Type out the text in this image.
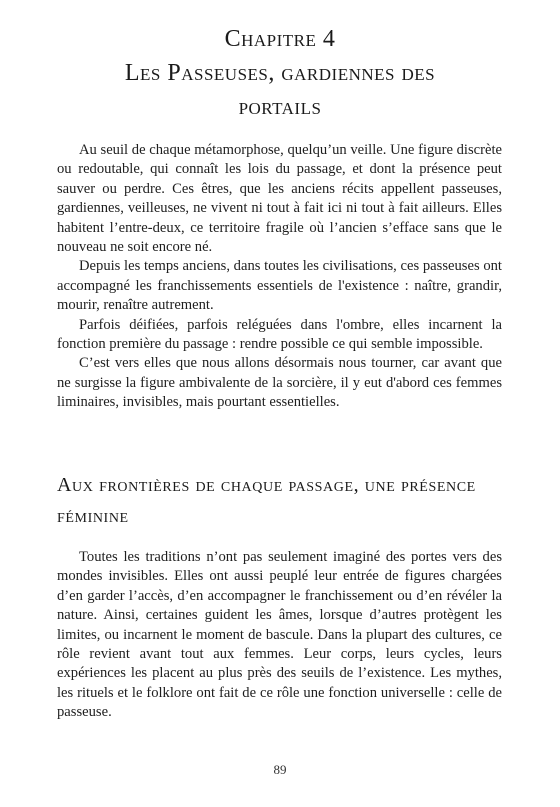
Chapitre 4
Les Passeuses, gardiennes des
portails

Au seuil de chaque métamorphose, quelqu’un veille. Une figure discrète ou redoutable, qui connaît les lois du passage, et dont la présence peut sauver ou perdre. Ces êtres, que les anciens récits appellent passeuses, gardiennes, veilleuses, ne vivent ni tout à fait ici ni tout à fait ailleurs. Elles habitent l’entre-deux, ce territoire fragile où l’ancien s’efface sans que le nouveau ne soit encore né.

Depuis les temps anciens, dans toutes les civilisations, ces passeuses ont accompagné les franchissements essentiels de l'existence : naître, grandir, mourir, renaître autrement.

Parfois déifiées, parfois reléguées dans l'ombre, elles incarnent la fonction première du passage : rendre possible ce qui semble impossible.

C’est vers elles que nous allons désormais nous tourner, car avant que ne surgisse la figure ambivalente de la sorcière, il y eut d'abord ces femmes liminaires, invisibles, mais pourtant essentielles.

Aux frontières de chaque passage, une présence féminine

Toutes les traditions n’ont pas seulement imaginé des portes vers des mondes invisibles. Elles ont aussi peuplé leur entrée de figures chargées d’en garder l’accès, d’en accompagner le franchissement ou d’en révéler la nature. Ainsi, certaines guident les âmes, lorsque d’autres protègent les limites, ou incarnent le moment de bascule. Dans la plupart des cultures, ce rôle revient avant tout aux femmes. Leur corps, leurs cycles, leurs expériences les placent au plus près des seuils de l’existence. Les mythes, les rituels et le folklore ont fait de ce rôle une fonction universelle : celle de passeuse.

89
